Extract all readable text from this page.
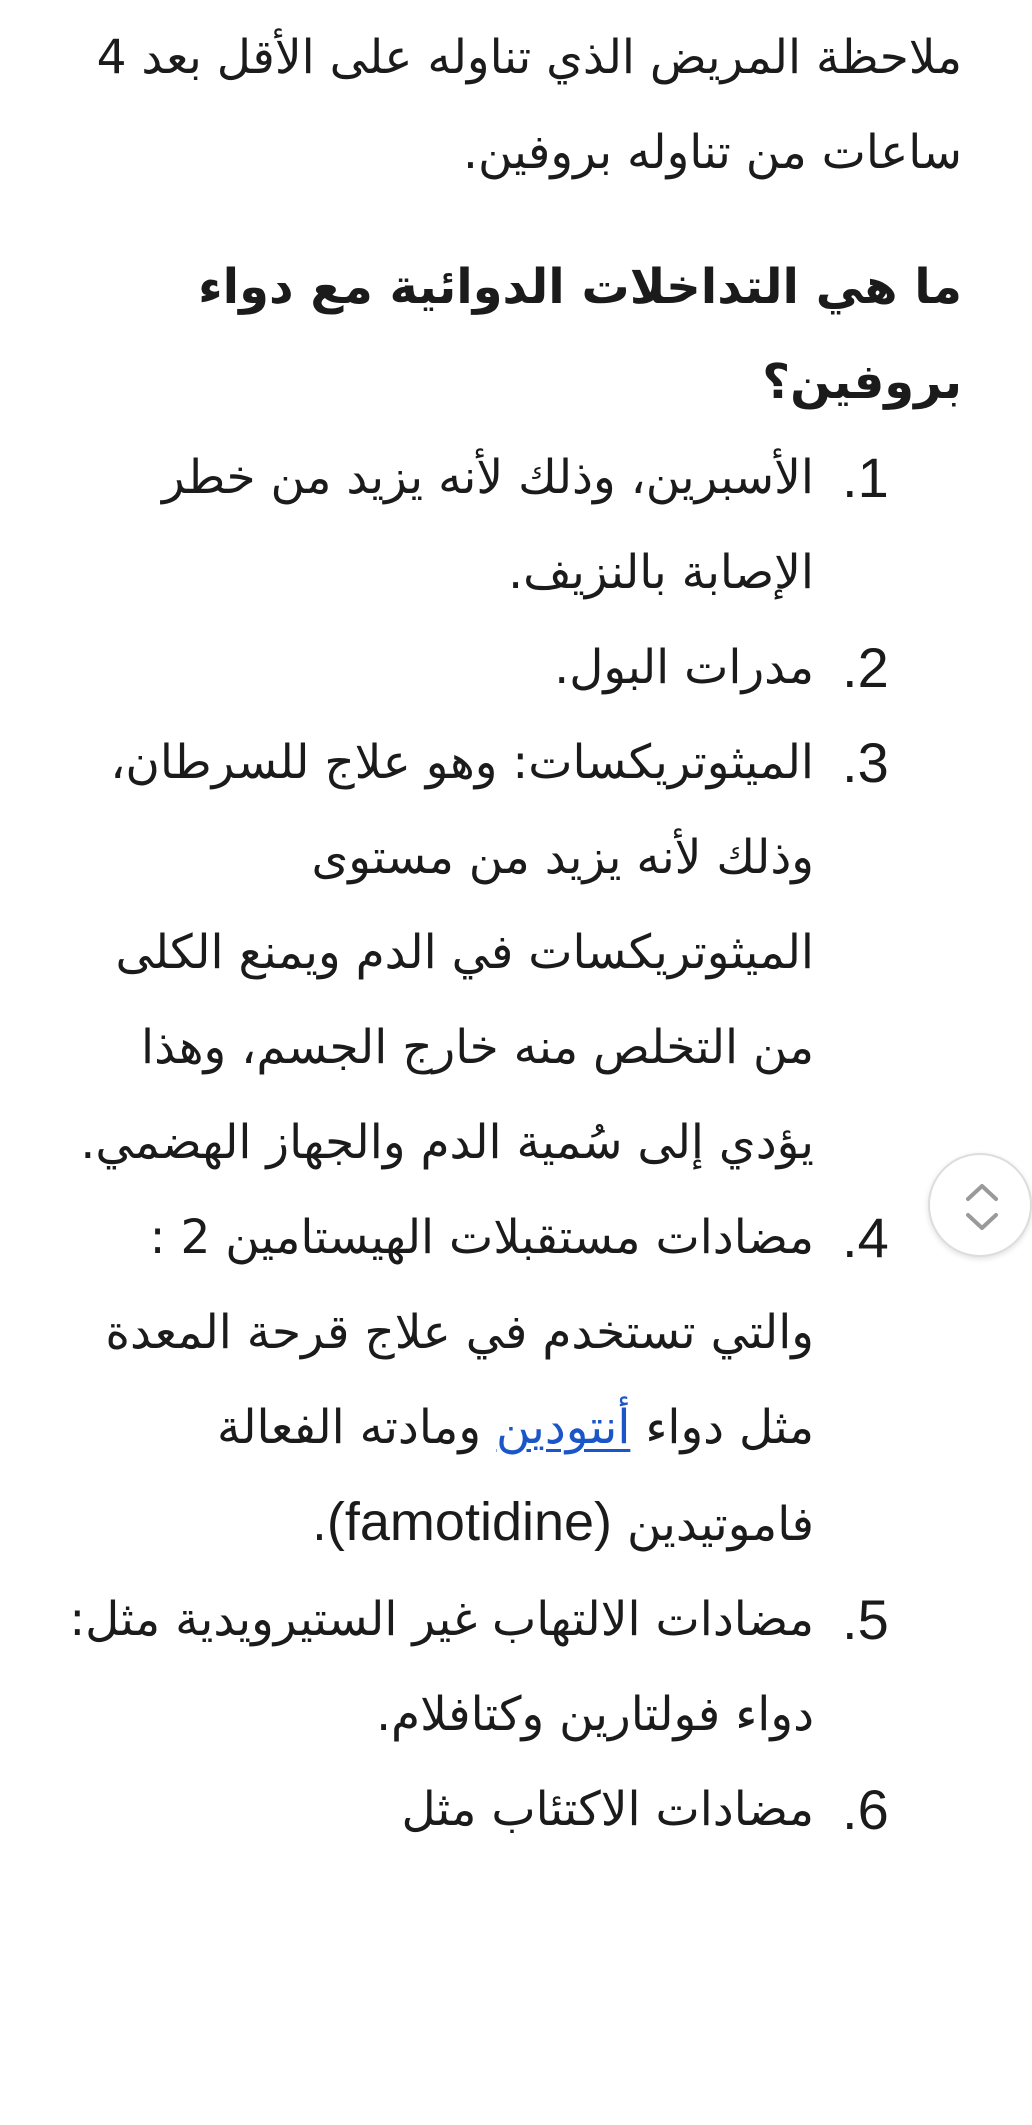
ملاحظة المريض الذي تناوله على الأقل بعد 4 ساعات من تناوله بروفين.

ما هي التداخلات الدوائية مع دواء بروفين؟
1.
الأسبرين، وذلك لأنه يزيد من خطر الإصابة بالنزيف.
2.
مدرات البول.
3.
الميثوتريكسات: وهو علاج للسرطان، وذلك لأنه يزيد من مستوى الميثوتريكسات في الدم ويمنع الكلى من التخلص منه خارج الجسم، وهذا يؤدي إلى سُمية الدم والجهاز الهضمي.
4.
مضادات مستقبلات الهيستامين 2 : والتي تستخدم في علاج قرحة المعدة مثل دواء أنتودين ومادته الفعالة فاموتيدين (famotidine).
5.
مضادات الالتهاب غير الستيرويدية مثل: دواء فولتارين وكتافلام.
6.
مضادات الاكتئاب مثل
